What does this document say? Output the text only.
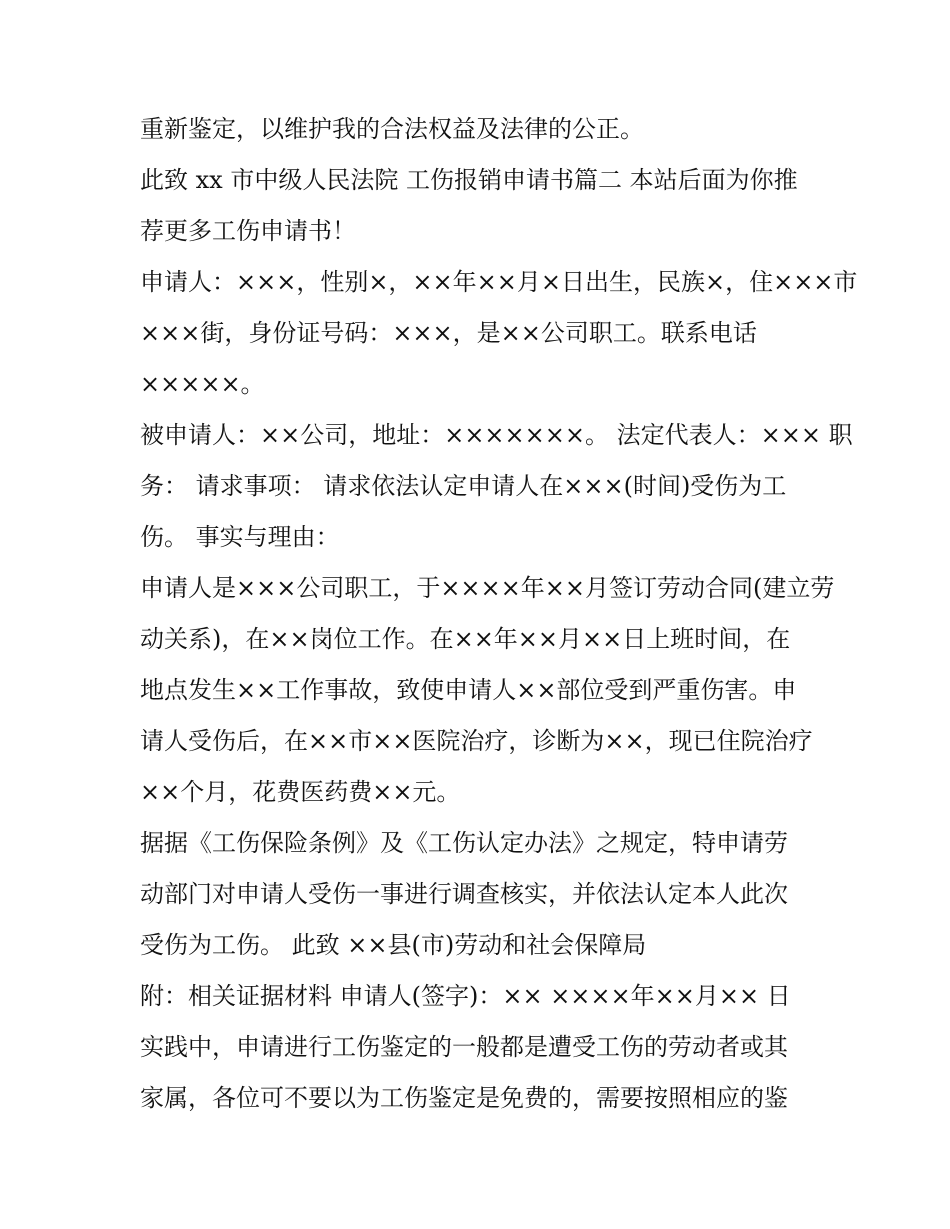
重新鉴定，以维护我的合法权益及法律的公正。
此致 xx 市中级人民法院 工伤报销申请书篇二 本站后面为你推
荐更多工伤申请书！
申请人：×××，性别×，××年××月×日出生，民族×，住×××市
×××街，身份证号码：×××，是××公司职工。联系电话
×××××。
被申请人：××公司，地址：×××××××。 法定代表人：××× 职
务： 请求事项： 请求依法认定申请人在×××(时间)受伤为工
伤。 事实与理由：
申请人是×××公司职工，于××××年××月签订劳动合同(建立劳
动关系)，在××岗位工作。在××年××月××日上班时间，在
地点发生××工作事故，致使申请人××部位受到严重伤害。申
请人受伤后，在××市××医院治疗，诊断为××，现已住院治疗
××个月，花费医药费××元。
据据《工伤保险条例》及《工伤认定办法》之规定，特申请劳
动部门对申请人受伤一事进行调查核实，并依法认定本人此次
受伤为工伤。 此致 ××县(市)劳动和社会保障局
附：相关证据材料 申请人(签字)：×× ××××年××月×× 日
实践中，申请进行工伤鉴定的一般都是遭受工伤的劳动者或其
家属，各位可不要以为工伤鉴定是免费的，需要按照相应的鉴
